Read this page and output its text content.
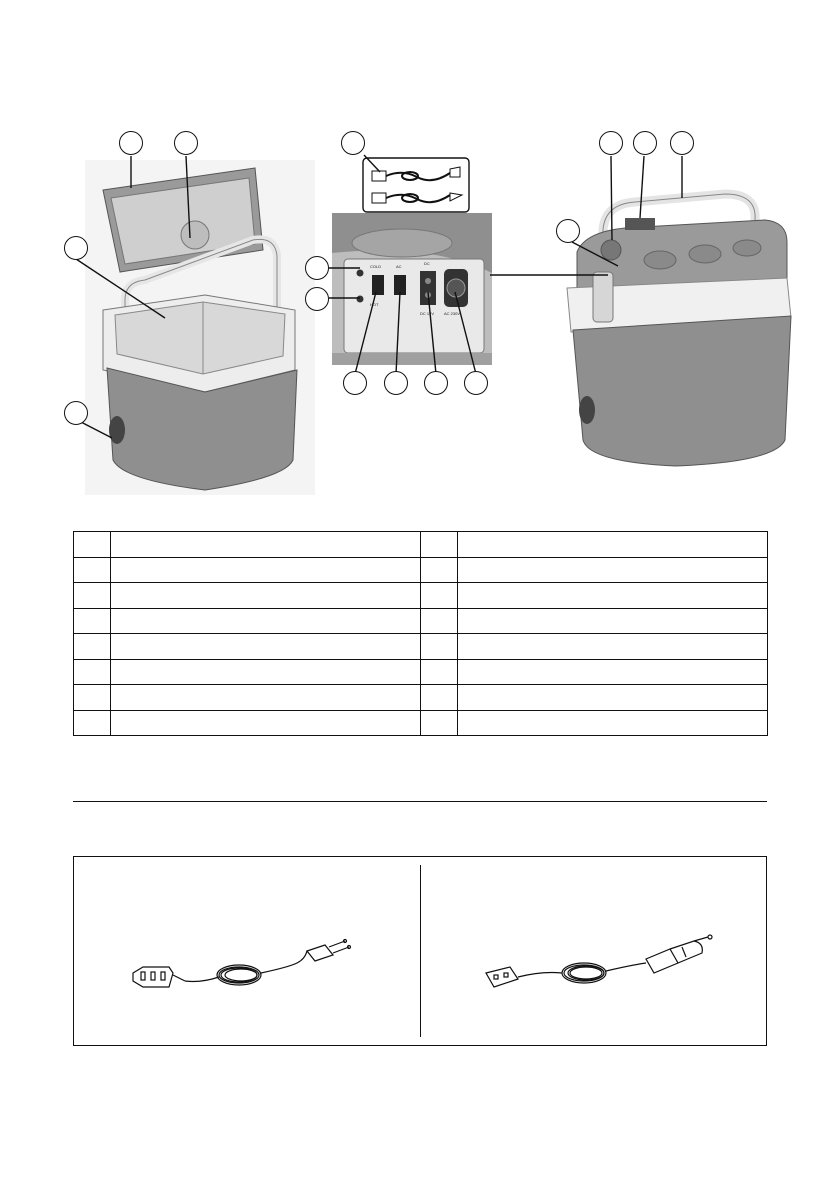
COLD
HOT
AC
DC
DC 12V AC 230V
